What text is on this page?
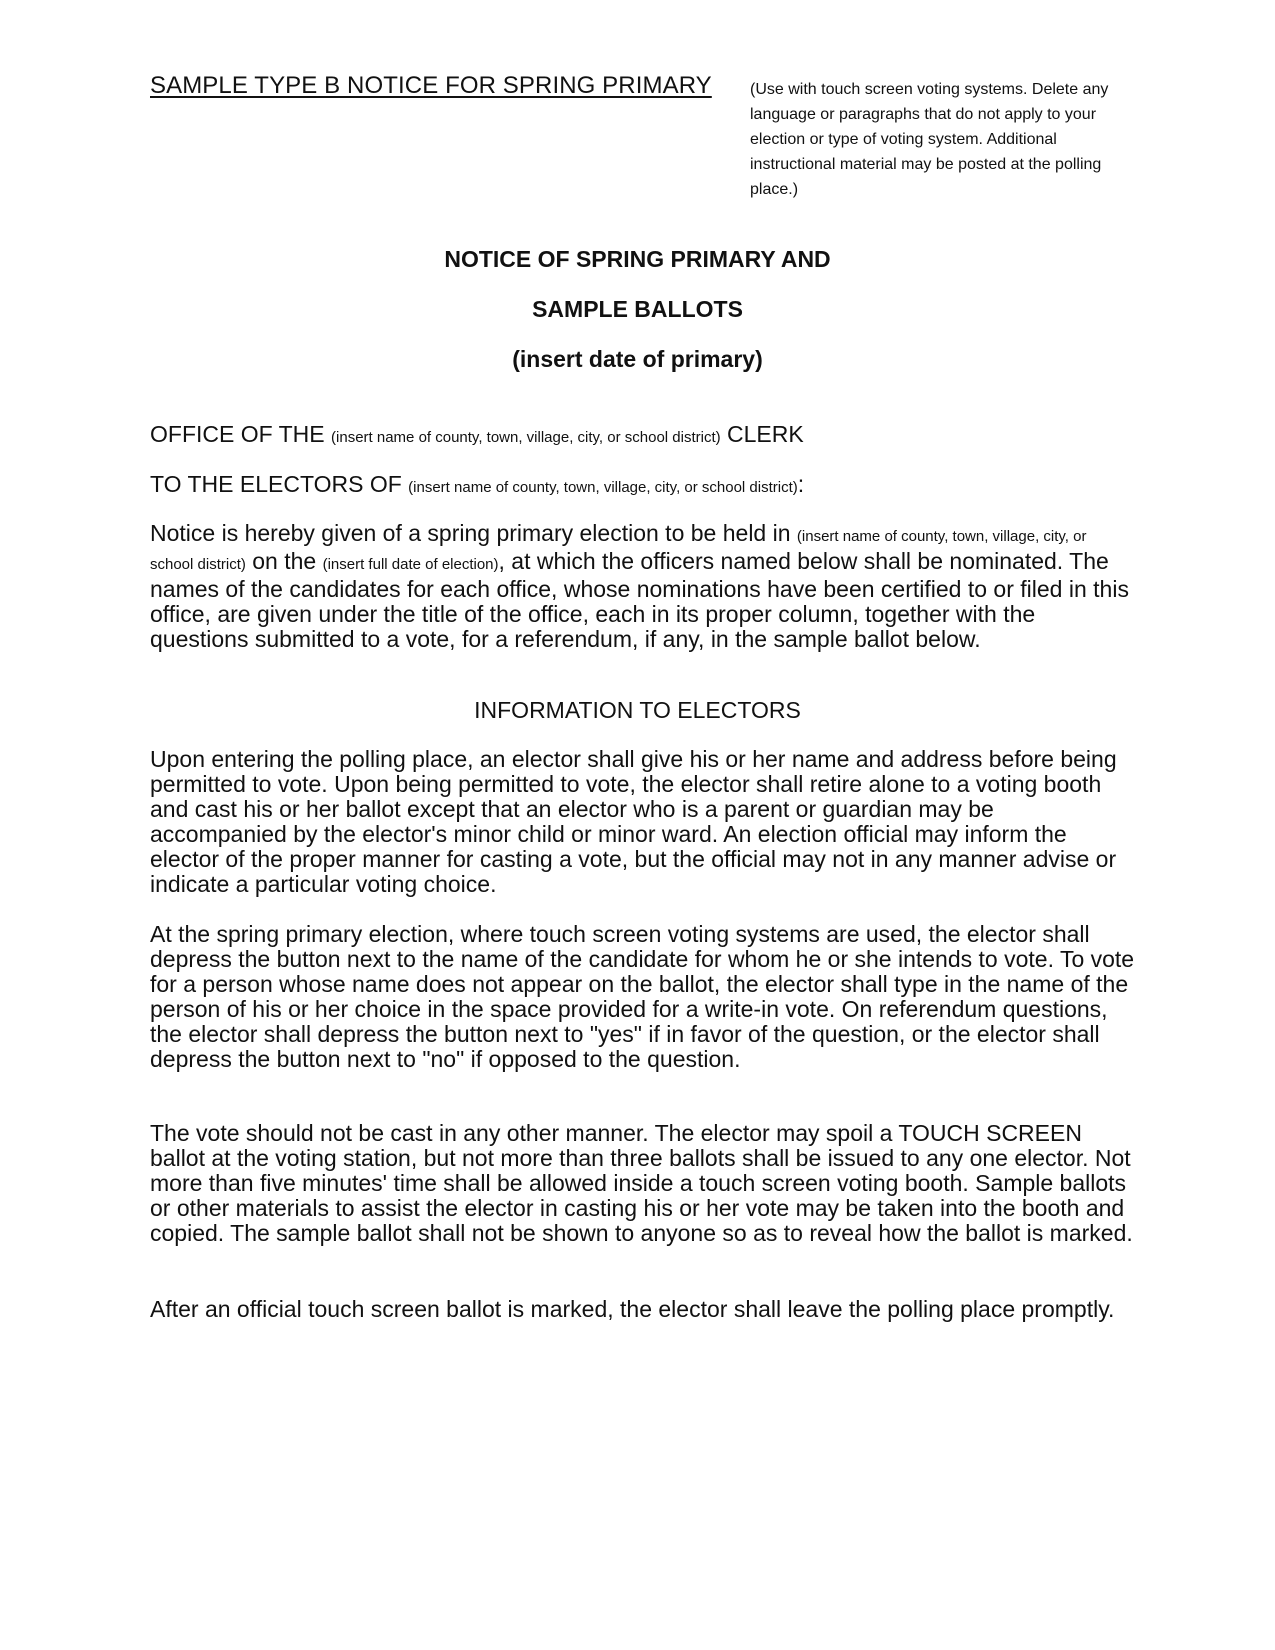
SAMPLE TYPE B NOTICE FOR SPRING PRIMARY (Use with touch screen voting systems. Delete any language or paragraphs that do not apply to your election or type of voting system. Additional instructional material may be posted at the polling place.)
NOTICE OF SPRING PRIMARY AND
SAMPLE BALLOTS
(insert date of primary)
OFFICE OF THE (insert name of county, town, village, city, or school district) CLERK
TO THE ELECTORS OF (insert name of county, town, village, city, or school district):
Notice is hereby given of a spring primary election to be held in (insert name of county, town, village, city, or school district) on the (insert full date of election), at which the officers named below shall be nominated. The names of the candidates for each office, whose nominations have been certified to or filed in this office, are given under the title of the office, each in its proper column, together with the questions submitted to a vote, for a referendum, if any, in the sample ballot below.
INFORMATION TO ELECTORS
Upon entering the polling place, an elector shall give his or her name and address before being permitted to vote. Upon being permitted to vote, the elector shall retire alone to a voting booth and cast his or her ballot except that an elector who is a parent or guardian may be accompanied by the elector's minor child or minor ward. An election official may inform the elector of the proper manner for casting a vote, but the official may not in any manner advise or indicate a particular voting choice.
At the spring primary election, where touch screen voting systems are used, the elector shall depress the button next to the name of the candidate for whom he or she intends to vote. To vote for a person whose name does not appear on the ballot, the elector shall type in the name of the person of his or her choice in the space provided for a write-in vote. On referendum questions, the elector shall depress the button next to "yes" if in favor of the question, or the elector shall depress the button next to "no" if opposed to the question.
The vote should not be cast in any other manner. The elector may spoil a TOUCH SCREEN ballot at the voting station, but not more than three ballots shall be issued to any one elector. Not more than five minutes' time shall be allowed inside a touch screen voting booth. Sample ballots or other materials to assist the elector in casting his or her vote may be taken into the booth and copied. The sample ballot shall not be shown to anyone so as to reveal how the ballot is marked.
After an official touch screen ballot is marked, the elector shall leave the polling place promptly.
